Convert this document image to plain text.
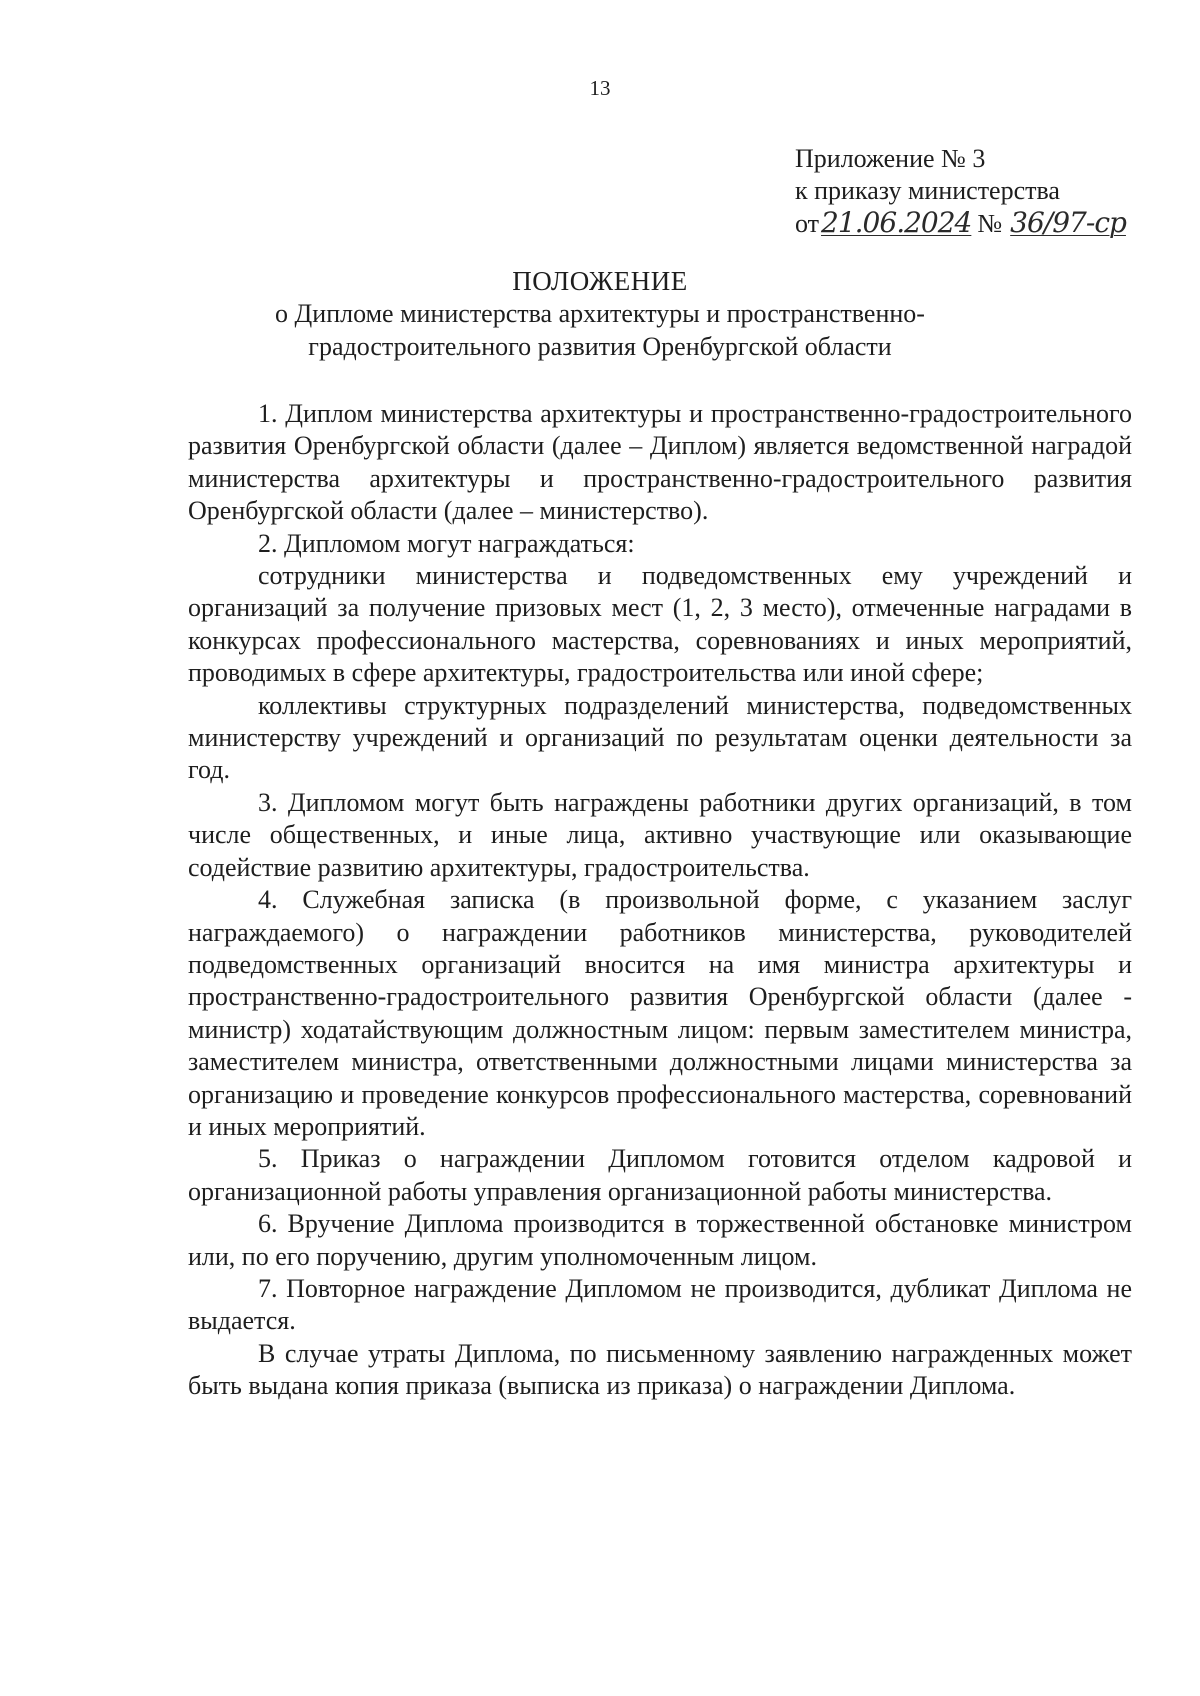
13
Приложение № 3
к приказу министерства
от21.06.2024 № 36/97-ср
ПОЛОЖЕНИЕ
о Дипломе министерства архитектуры и пространственно-
градостроительного развития Оренбургской области

1. Диплом министерства архитектуры и пространственно-градостроительного развития Оренбургской области (далее – Диплом) является ведомственной наградой министерства архитектуры и пространственно-градостроительного развития Оренбургской области (далее – министерство).

2. Дипломом могут награждаться:

сотрудники министерства и подведомственных ему учреждений и организаций за получение призовых мест (1, 2, 3 место), отмеченные наградами в конкурсах профессионального мастерства, соревнованиях и иных мероприятий, проводимых в сфере архитектуры, градостроительства или иной сфере;

коллективы структурных подразделений министерства, подведомственных министерству учреждений и организаций по результатам оценки деятельности за год.

3. Дипломом могут быть награждены работники других организаций, в том числе общественных, и иные лица, активно участвующие или оказывающие содействие развитию архитектуры, градостроительства.

4. Служебная записка (в произвольной форме, с указанием заслуг награждаемого) о награждении работников министерства, руководителей подведомственных организаций вносится на имя министра архитектуры и пространственно-градостроительного развития Оренбургской области (далее - министр) ходатайствующим должностным лицом: первым заместителем министра, заместителем министра, ответственными должностными лицами министерства за организацию и проведение конкурсов профессионального мастерства, соревнований и иных мероприятий.

5. Приказ о награждении Дипломом готовится отделом кадровой и организационной работы управления организационной работы министерства.

6. Вручение Диплома производится в торжественной обстановке министром или, по его поручению, другим уполномоченным лицом.

7. Повторное награждение Дипломом не производится, дубликат Диплома не выдается.

В случае утраты Диплома, по письменному заявлению награжденных может быть выдана копия приказа (выписка из приказа) о награждении Диплома.
